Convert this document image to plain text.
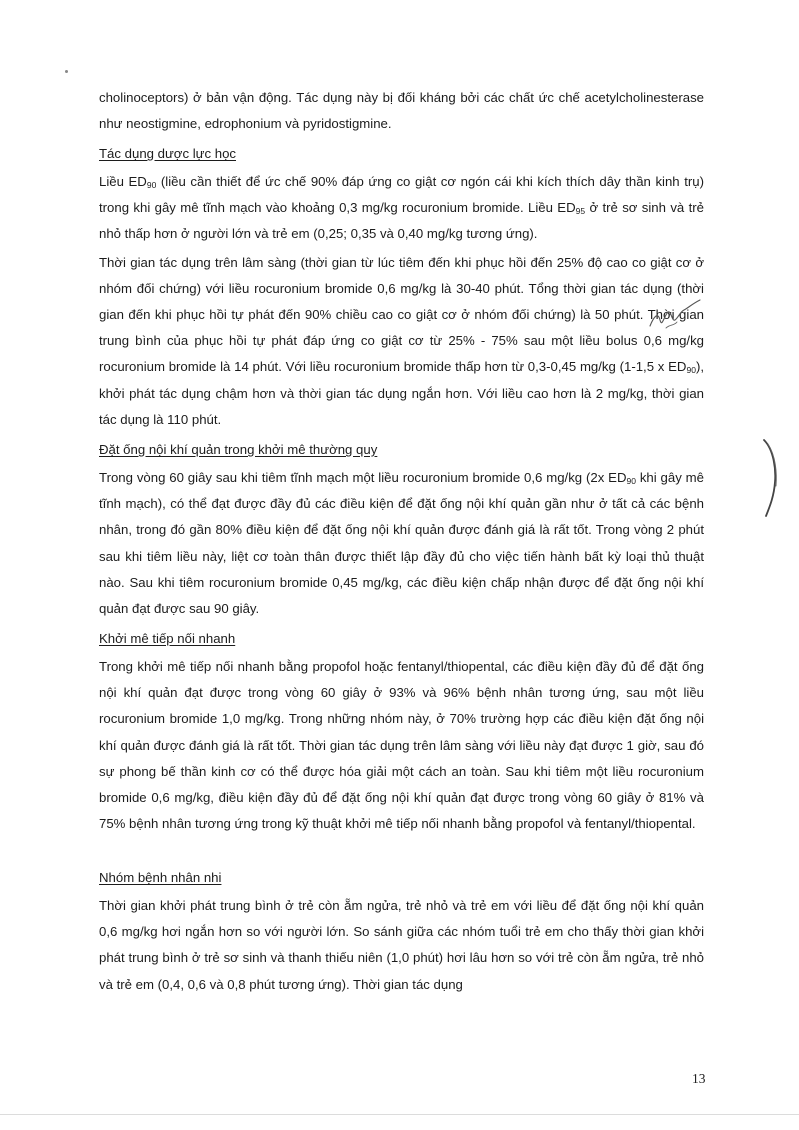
cholinoceptors) ở bản vận động. Tác dụng này bị đối kháng bởi các chất ức chế acetylcholinesterase như neostigmine, edrophonium và pyridostigmine.

Tác dụng dược lực học

Liều $ED_{90}$ (liều cần thiết để ức chế 90% đáp ứng co giật cơ ngón cái khi kích thích dây thần kinh trụ) trong khi gây mê tĩnh mạch vào khoảng 0,3 mg/kg rocuronium bromide. Liều $ED_{95}$ ở trẻ sơ sinh và trẻ nhỏ thấp hơn ở người lớn và trẻ em (0,25; 0,35 và 0,40 mg/kg tương ứng).

Thời gian tác dụng trên lâm sàng (thời gian từ lúc tiêm đến khi phục hồi đến 25% độ cao co giật cơ ở nhóm đối chứng) với liều rocuronium bromide 0,6 mg/kg là 30-40 phút. Tổng thời gian tác dụng (thời gian đến khi phục hồi tự phát đến 90% chiều cao co giật cơ ở nhóm đối chứng) là 50 phút. Thời gian trung bình của phục hồi tự phát đáp ứng co giật cơ từ 25% - 75% sau một liều bolus 0,6 mg/kg rocuronium bromide là 14 phút. Với liều rocuronium bromide thấp hơn từ 0,3-0,45 mg/kg (1-1,5 x $ED_{90}$), khởi phát tác dụng chậm hơn và thời gian tác dụng ngắn hơn. Với liều cao hơn là 2 mg/kg, thời gian tác dụng là 110 phút.

Đặt ống nội khí quản trong khởi mê thường quy

Trong vòng 60 giây sau khi tiêm tĩnh mạch một liều rocuronium bromide 0,6 mg/kg (2x $ED_{90}$ khi gây mê tĩnh mạch), có thể đạt được đầy đủ các điều kiện để đặt ống nội khí quản gần như ở tất cả các bệnh nhân, trong đó gần 80% điều kiện để đặt ống nội khí quản được đánh giá là rất tốt. Trong vòng 2 phút sau khi tiêm liều này, liệt cơ toàn thân được thiết lập đầy đủ cho việc tiến hành bất kỳ loại thủ thuật nào. Sau khi tiêm rocuronium bromide 0,45 mg/kg, các điều kiện chấp nhận được để đặt ống nội khí quản đạt được sau 90 giây.

Khởi mê tiếp nối nhanh

Trong khởi mê tiếp nối nhanh bằng propofol hoặc fentanyl/thiopental, các điều kiện đầy đủ để đặt ống nội khí quản đạt được trong vòng 60 giây ở 93% và 96% bệnh nhân tương ứng, sau một liều rocuronium bromide 1,0 mg/kg. Trong những nhóm này, ở 70% trường hợp các điều kiện đặt ống nội khí quản được đánh giá là rất tốt. Thời gian tác dụng trên lâm sàng với liều này đạt được 1 giờ, sau đó sự phong bế thần kinh cơ có thể được hóa giải một cách an toàn. Sau khi tiêm một liều rocuronium bromide 0,6 mg/kg, điều kiện đầy đủ để đặt ống nội khí quản đạt được trong vòng 60 giây ở 81% và 75% bệnh nhân tương ứng trong kỹ thuật khởi mê tiếp nối nhanh bằng propofol và fentanyl/thiopental.

Nhóm bệnh nhân nhi

Thời gian khởi phát trung bình ở trẻ còn ẵm ngửa, trẻ nhỏ và trẻ em với liều để đặt ống nội khí quản 0,6 mg/kg hơi ngắn hơn so với người lớn. So sánh giữa các nhóm tuổi trẻ em cho thấy thời gian khởi phát trung bình ở trẻ sơ sinh và thanh thiếu niên (1,0 phút) hơi lâu hơn so với trẻ còn ẵm ngửa, trẻ nhỏ và trẻ em (0,4, 0,6 và 0,8 phút tương ứng). Thời gian tác dụng

13
